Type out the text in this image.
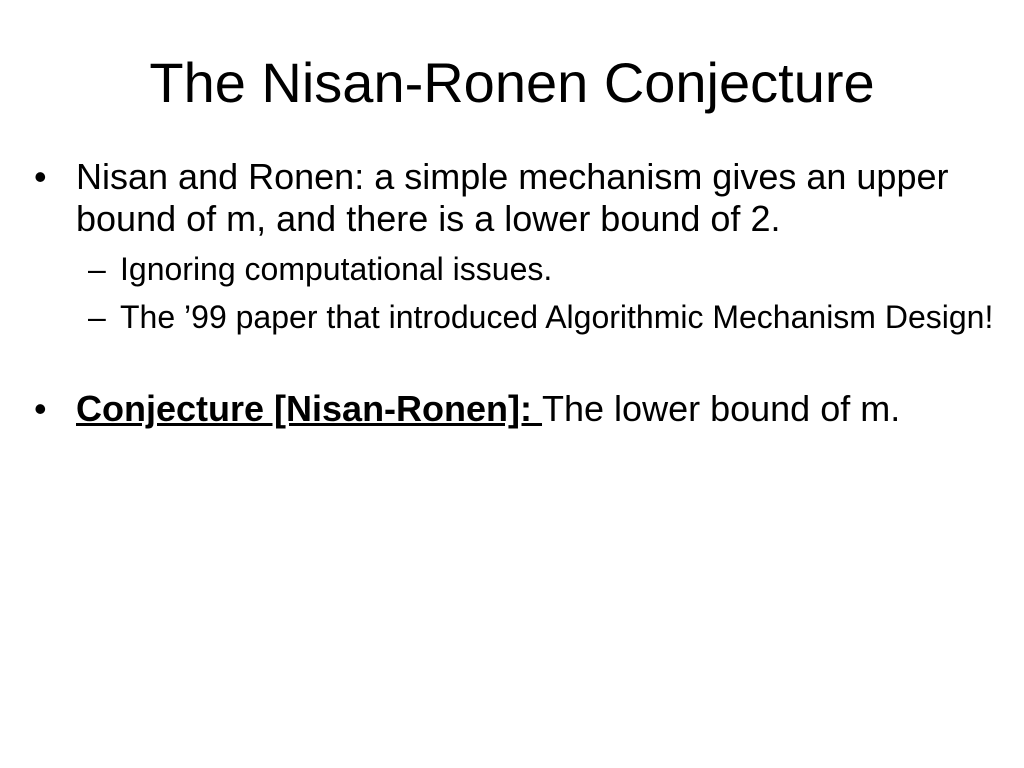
The Nisan-Ronen Conjecture
• Nisan and Ronen: a simple mechanism gives an upper bound of m, and there is a lower bound of 2.
– Ignoring computational issues.
– The ’99 paper that introduced Algorithmic Mechanism Design!
• Conjecture [Nisan-Ronen]: The lower bound of m.
